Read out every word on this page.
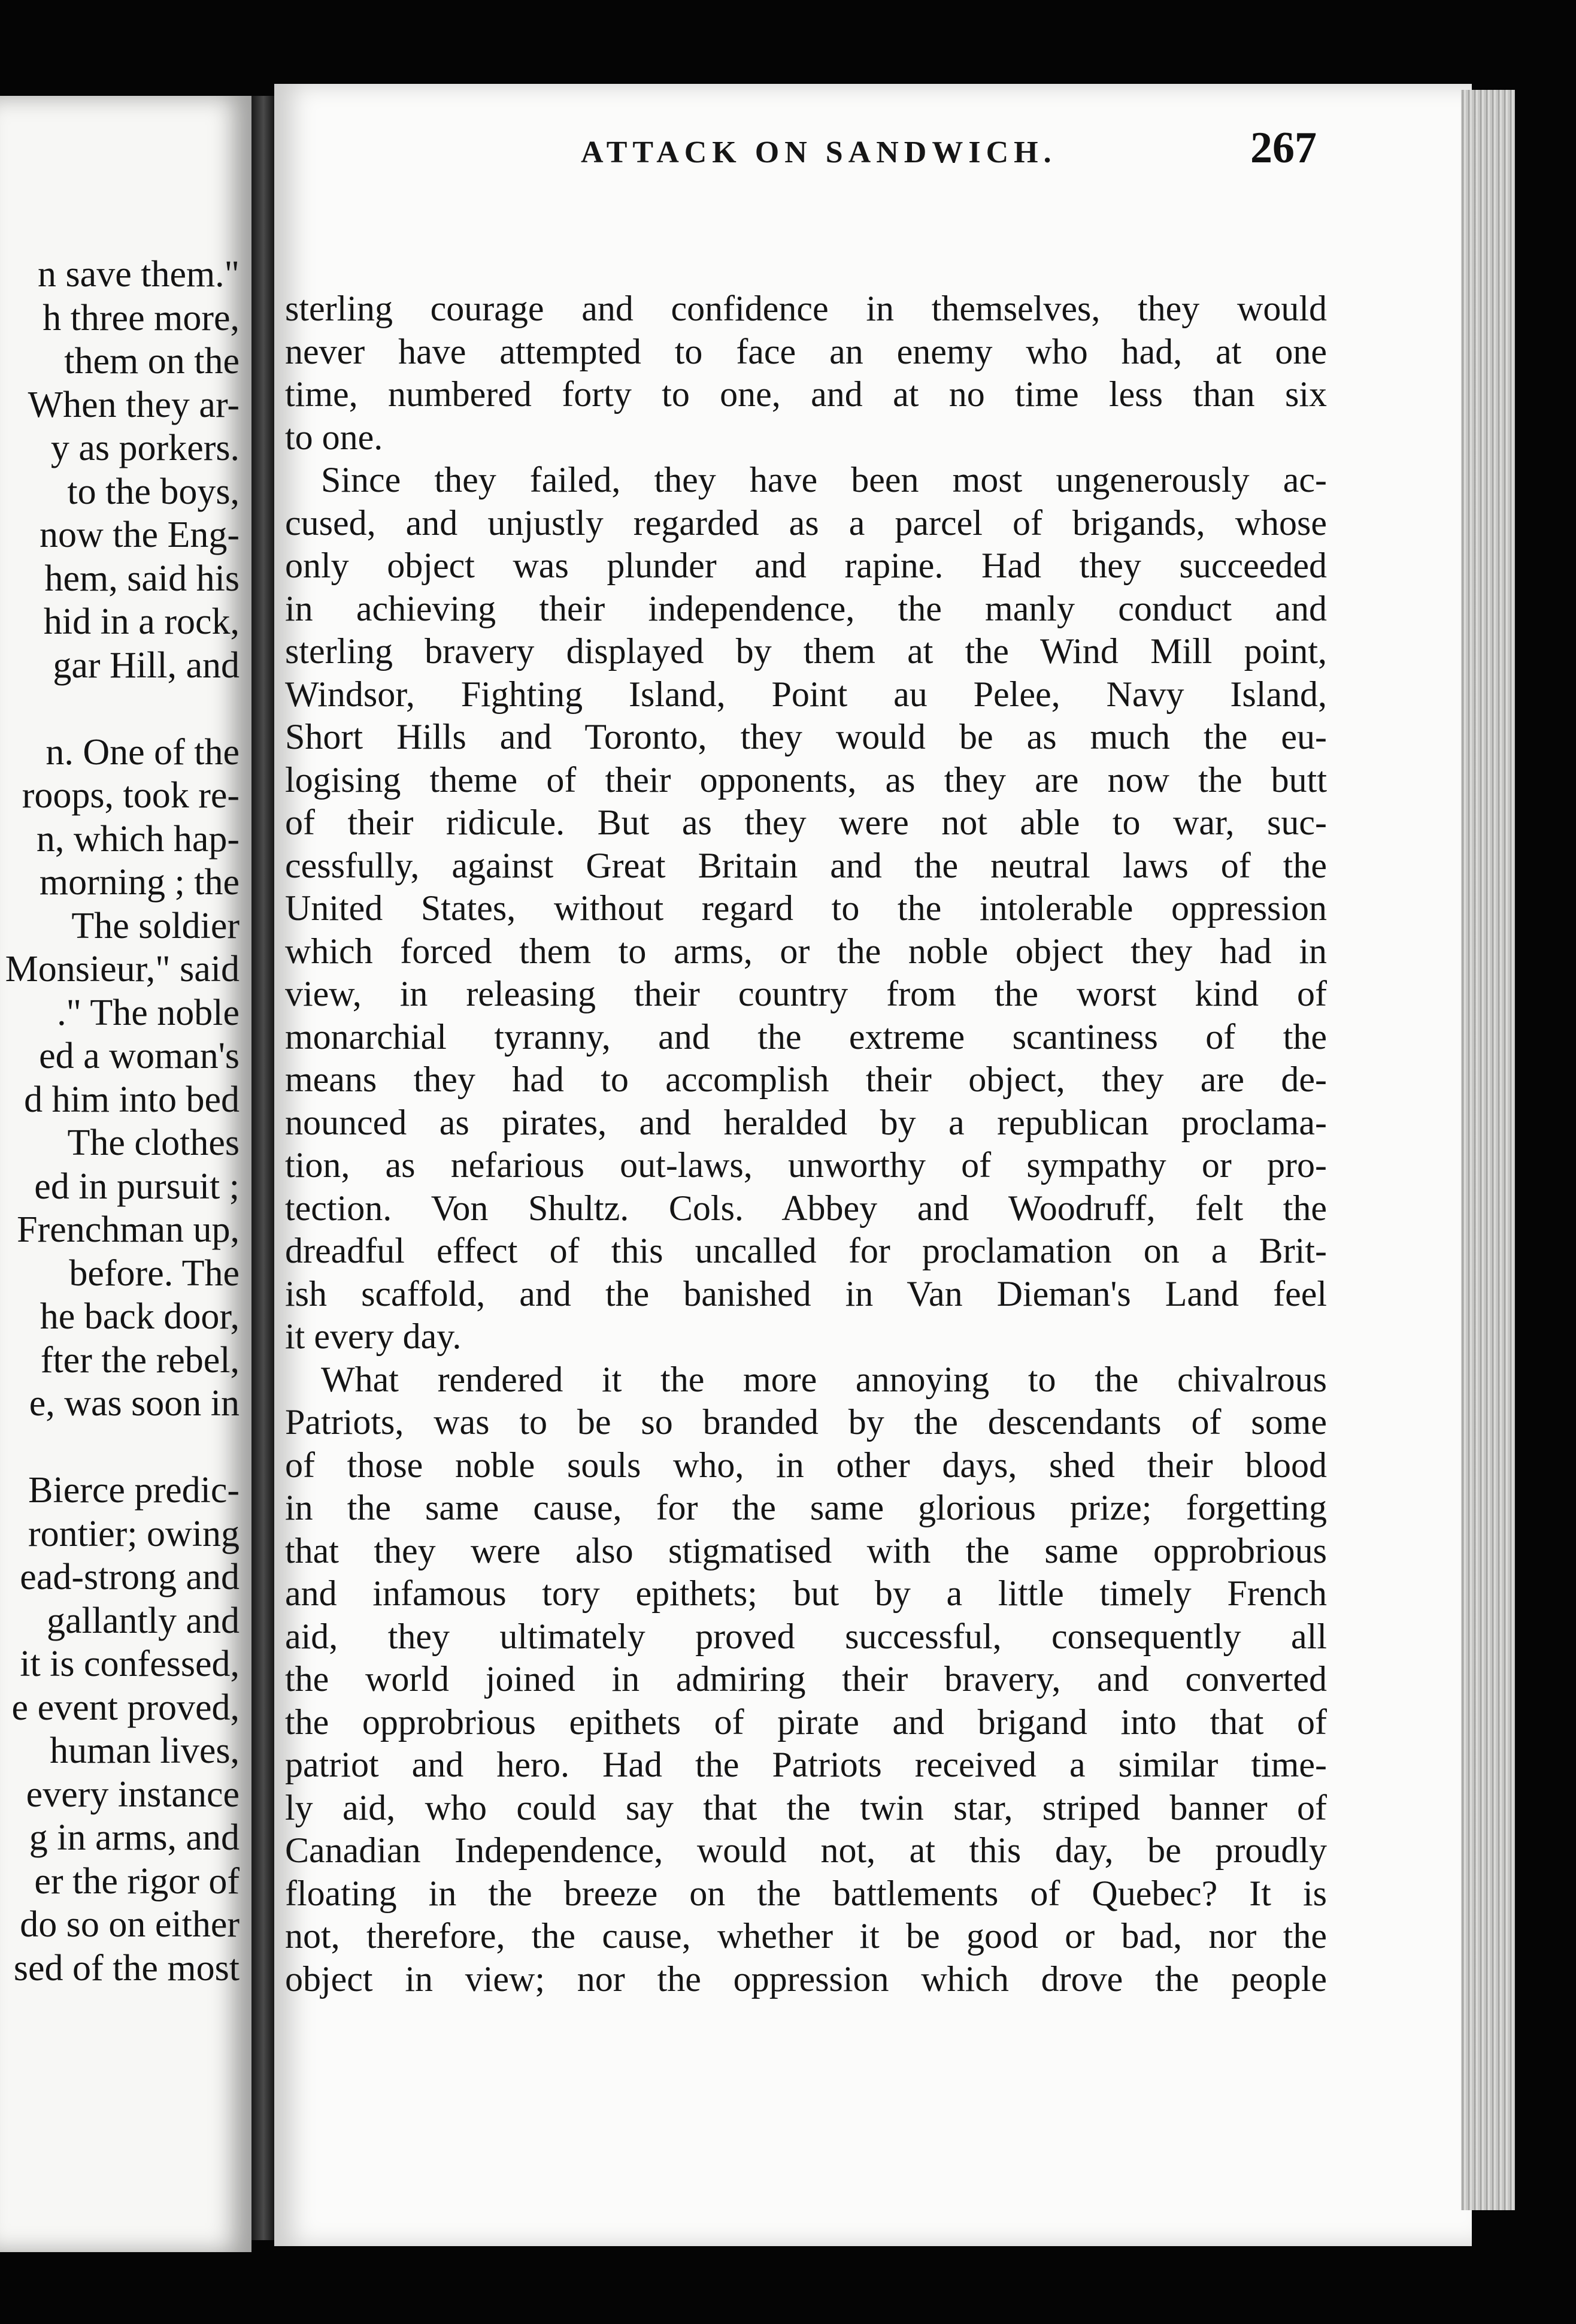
n save them."
h three more,
them on the
When they ar-
y as porkers.
to the boys,
now the Eng-
hem, said his
hid in a rock,
gar Hill, and
n. One of the
roops, took re-
n, which hap-
morning ; the
The soldier
Monsieur," said
." The noble
ed a woman's
d him into bed
The clothes
ed in pursuit ;
Frenchman up,
before. The
he back door,
fter the rebel,
e, was soon in
Bierce predic-
rontier; owing
ead-strong and
gallantly and
it is confessed,
e event proved,
human lives,
every instance
g in arms, and
er the rigor of
do so on either
sed of the most
ATTACK ON SANDWICH.	267

sterling courage and confidence in themselves, they would

never have attempted to face an enemy who had, at one

time, numbered forty to one, and at no time less than six

to one.

Since they failed, they have been most ungenerously ac-

cused, and unjustly regarded as a parcel of brigands, whose

only object was plunder and rapine. Had they succeeded

in achieving their independence, the manly conduct and

sterling bravery displayed by them at the Wind Mill point,

Windsor, Fighting Island, Point au Pelee, Navy Island,

Short Hills and Toronto, they would be as much the eu-

logising theme of their opponents, as they are now the butt

of their ridicule. But as they were not able to war, suc-

cessfully, against Great Britain and the neutral laws of the

United States, without regard to the intolerable oppression

which forced them to arms, or the noble object they had in

view, in releasing their country from the worst kind of

monarchial tyranny, and the extreme scantiness of the

means they had to accomplish their object, they are de-

nounced as pirates, and heralded by a republican proclama-

tion, as nefarious out-laws, unworthy of sympathy or pro-

tection. Von Shultz. Cols. Abbey and Woodruff, felt the

dreadful effect of this uncalled for proclamation on a Brit-

ish scaffold, and the banished in Van Dieman's Land feel

it every day.

What rendered it the more annoying to the chivalrous

Patriots, was to be so branded by the descendants of some

of those noble souls who, in other days, shed their blood

in the same cause, for the same glorious prize; forgetting

that they were also stigmatised with the same opprobrious

and infamous tory epithets; but by a little timely French

aid, they ultimately proved successful, consequently all

the world joined in admiring their bravery, and converted

the opprobrious epithets of pirate and brigand into that of

patriot and hero. Had the Patriots received a similar time-

ly aid, who could say that the twin star, striped banner of

Canadian Independence, would not, at this day, be proudly

floating in the breeze on the battlements of Quebec? It is

not, therefore, the cause, whether it be good or bad, nor the

object in view; nor the oppression which drove the people
